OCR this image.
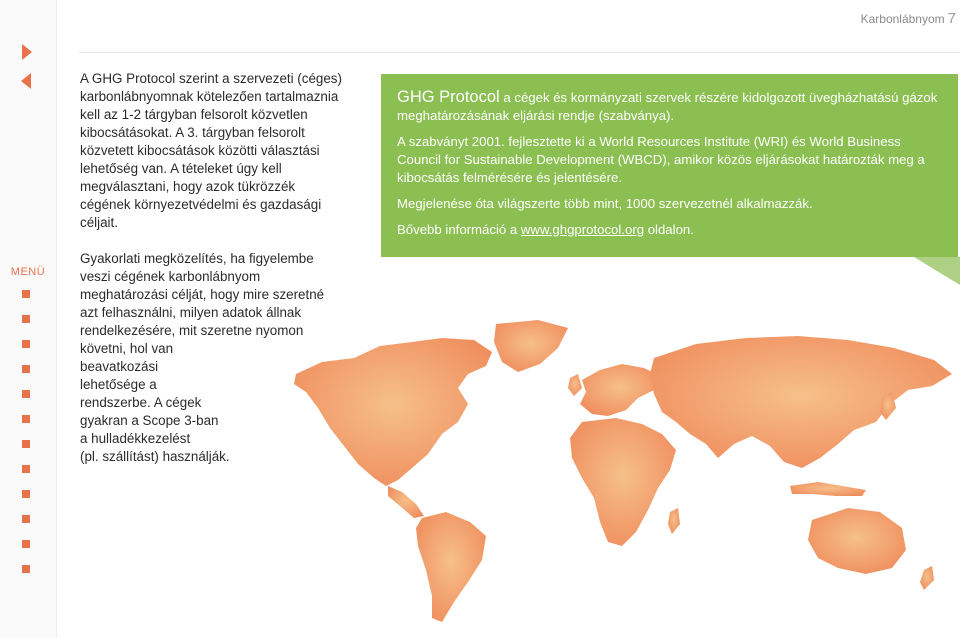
MENÜ
Karbonlábnyom 7

A GHG Protocol szerint a szervezeti (céges) karbonlábnyomnak kötelezően tartalmaznia kell az 1-2 tárgyban felsorolt közvetlen kibocsátásokat. A 3. tárgyban felsorolt közvetett kibocsátások közötti választási lehetőség van. A tételeket úgy kell megválasztani, hogy azok tükrözzék cégének környezetvédelmi és gazdasági céljait.

Gyakorlati megközelítés, ha figyelembe veszi cégének karbonlábnyom meghatározási célját, hogy mire szeretné azt felhasználni, milyen adatok állnak rendelkezésére, mit szeretne nyomon követni, hol van
beavatkozási
lehetősége a
rendszerbe. A cégek
gyakran a Scope 3-ban
a hulladékkezelést
(pl. szállítást) használják.

GHG Protocol a cégek és kormányzati szervek részére kidolgozott üvegházhatású gázok meghatározásának eljárási rendje (szabványa).

A szabványt 2001. fejlesztette ki a World Resources Institute (WRI) és World Business Council for Sustainable Development (WBCD), amikor közös eljárásokat határozták meg a kibocsátás felmérésére és jelentésére.

Megjelenése óta világszerte több mint, 1000 szervezetnél alkalmazzák.

Bővebb információ a www.ghgprotocol.org oldalon.
